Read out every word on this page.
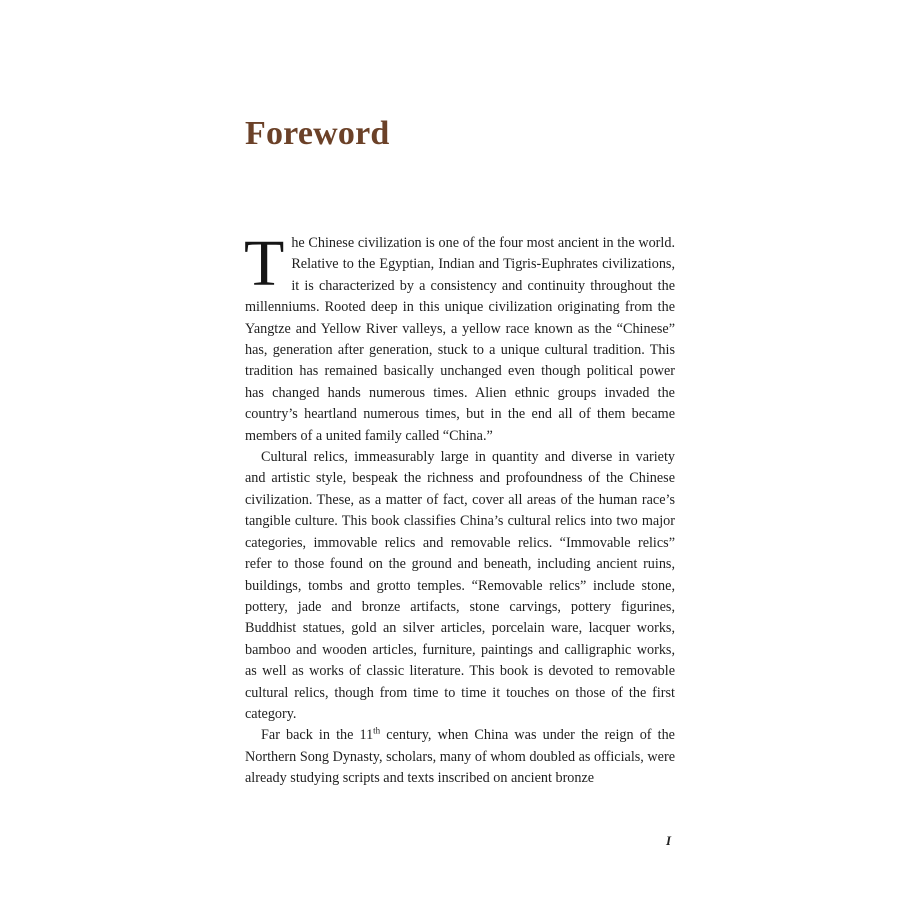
Foreword

The Chinese civilization is one of the four most ancient in the world. Relative to the Egyptian, Indian and Tigris-Euphrates civilizations, it is characterized by a consistency and continuity throughout the millenniums. Rooted deep in this unique civilization originating from the Yangtze and Yellow River valleys, a yellow race known as the “Chinese” has, generation after generation, stuck to a unique cultural tradition. This tradition has remained basically unchanged even though political power has changed hands numerous times. Alien ethnic groups invaded the country’s heartland numerous times, but in the end all of them became members of a united family called “China.”

Cultural relics, immeasurably large in quantity and diverse in variety and artistic style, bespeak the richness and profoundness of the Chinese civilization. These, as a matter of fact, cover all areas of the human race’s tangible culture. This book classifies China’s cultural relics into two major categories, immovable relics and removable relics. “Immovable relics” refer to those found on the ground and beneath, including ancient ruins, buildings, tombs and grotto temples. “Removable relics” include stone, pottery, jade and bronze artifacts, stone carvings, pottery figurines, Buddhist statues, gold an silver articles, porcelain ware, lacquer works, bamboo and wooden articles, furniture, paintings and calligraphic works, as well as works of classic literature. This book is devoted to removable cultural relics, though from time to time it touches on those of the first category.

Far back in the 11th century, when China was under the reign of the Northern Song Dynasty, scholars, many of whom doubled as officials, were already studying scripts and texts inscribed on ancient bronze

I
